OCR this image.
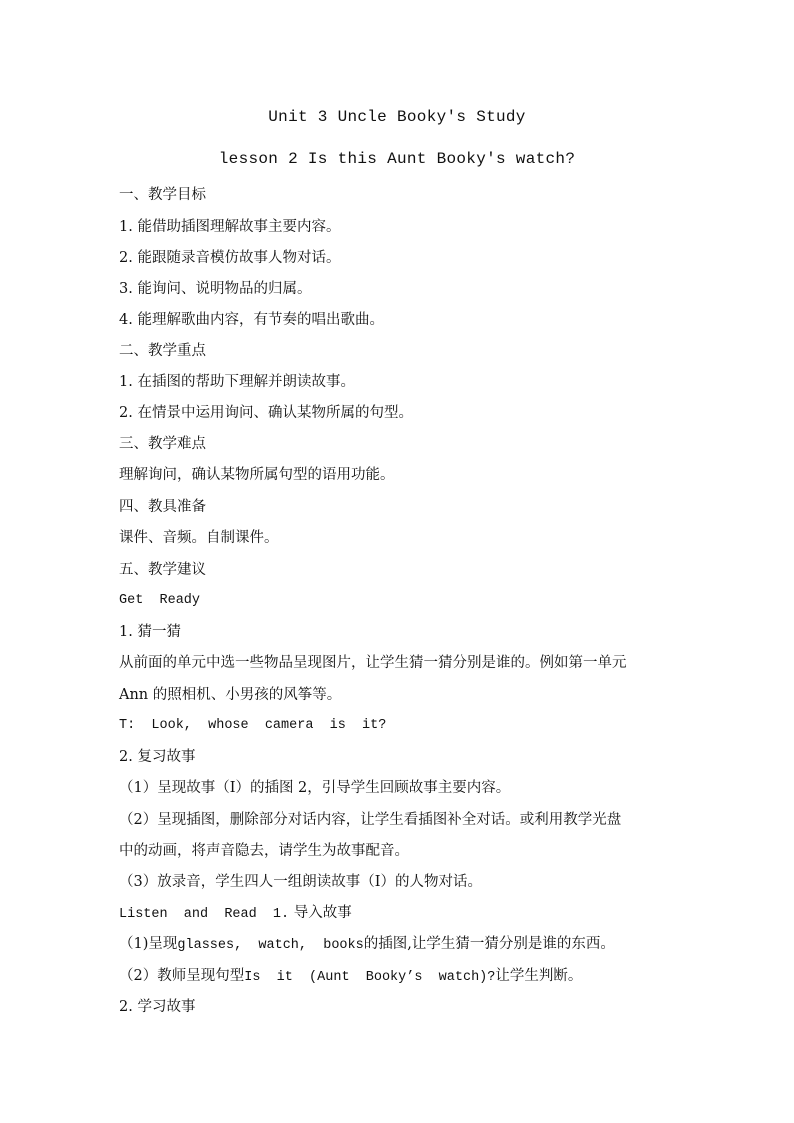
Unit 3 Uncle Booky's Study
lesson 2 Is this Aunt Booky's watch?
一、教学目标
1. 能借助插图理解故事主要内容。
2. 能跟随录音模仿故事人物对话。
3. 能询问、说明物品的归属。
4. 能理解歌曲内容，有节奏的唱出歌曲。
二、教学重点
1. 在插图的帮助下理解并朗读故事。
2. 在情景中运用询问、确认某物所属的句型。
三、教学难点
理解询问，确认某物所属句型的语用功能。
四、教具准备
课件、音频。自制课件。
五、教学建议
Get  Ready
1. 猜一猜
从前面的单元中选一些物品呈现图片，让学生猜一猜分别是谁的。例如第一单元
Ann 的照相机、小男孩的风筝等。
T:  Look,  whose  camera  is  it?
2. 复习故事
（1）呈现故事（I）的插图 2，引导学生回顾故事主要内容。
（2）呈现插图，删除部分对话内容，让学生看插图补全对话。或利用教学光盘
中的动画，将声音隐去，请学生为故事配音。
（3）放录音，学生四人一组朗读故事（I）的人物对话。
Listen  and  Read  1. 导入故事
（1)呈现glasses,  watch,  books的插图,让学生猜一猜分别是谁的东西。
（2）教师呈现句型Is  it  (Aunt  Booky’s  watch)?让学生判断。
2. 学习故事
